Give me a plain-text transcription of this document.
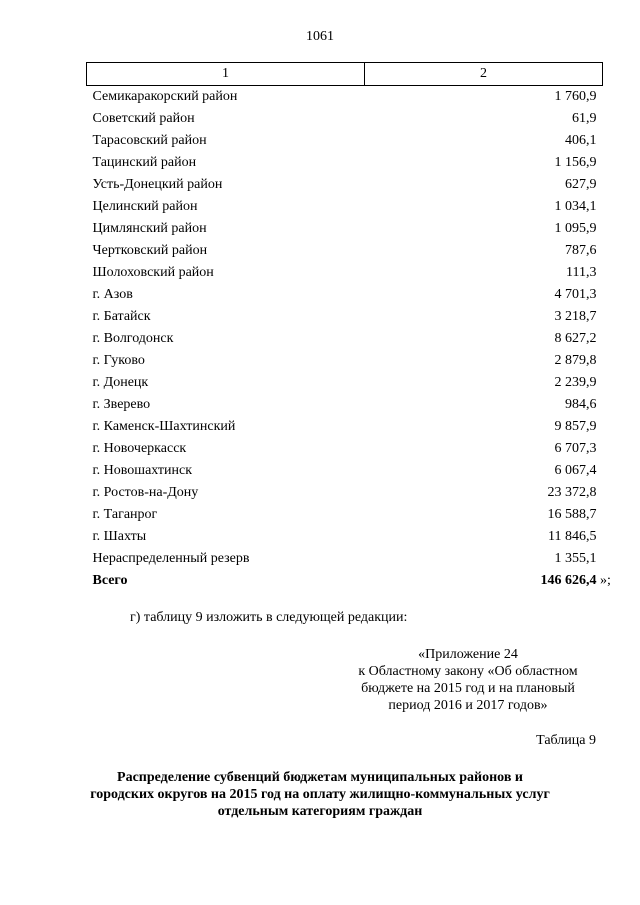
1061
1	2
Семикаракорский район	1 760,9
Советский район	61,9
Тарасовский район	406,1
Тацинский район	1 156,9
Усть-Донецкий район	627,9
Целинский район	1 034,1
Цимлянский район	1 095,9
Чертковский район	787,6
Шолоховский район	111,3
г. Азов	4 701,3
г. Батайск	3 218,7
г. Волгодонск	8 627,2
г. Гуково	2 879,8
г. Донецк	2 239,9
г. Зверево	984,6
г. Каменск-Шахтинский	9 857,9
г. Новочеркасск	6 707,3
г. Новошахтинск	6 067,4
г. Ростов-на-Дону	23 372,8
г. Таганрог	16 588,7
г. Шахты	11 846,5
Нераспределенный резерв	1 355,1
Всего	146 626,4 »;
г) таблицу 9 изложить в следующей редакции:
«Приложение 24
к Областному закону «Об областном
бюджете на 2015 год и на плановый
период 2016 и 2017 годов»
Таблица 9
Распределение субвенций бюджетам муниципальных районов и
городских округов на 2015 год на оплату жилищно-коммунальных услуг
отдельным категориям граждан
